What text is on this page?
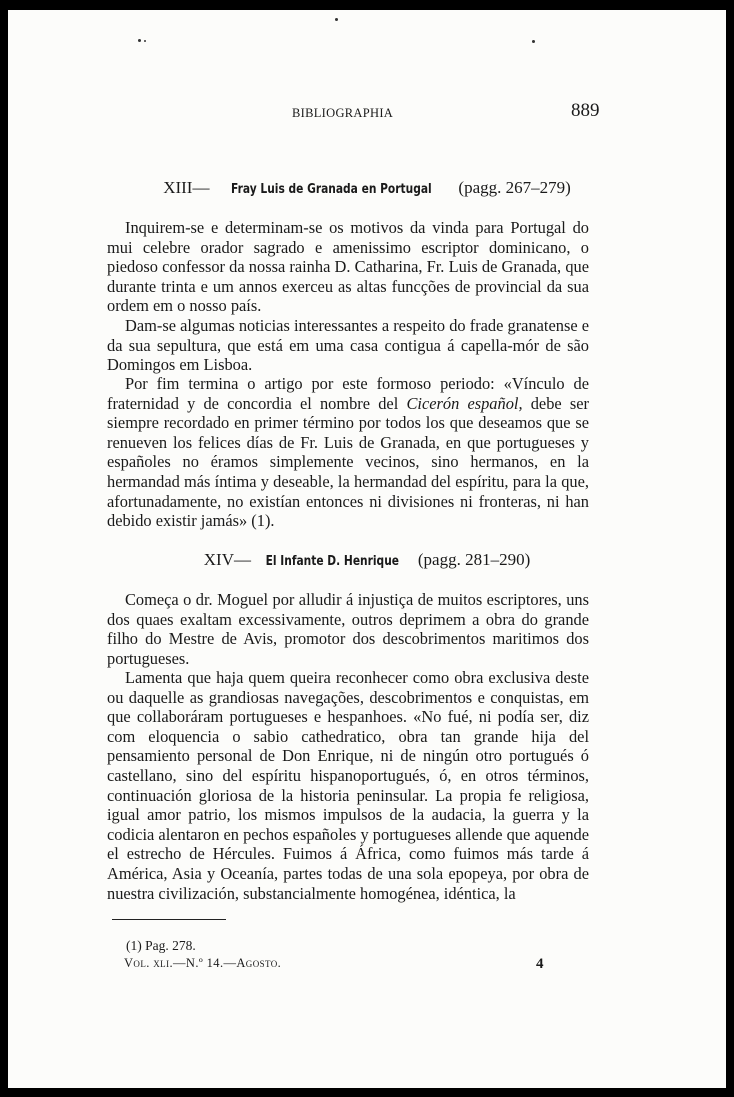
BIBLIOGRAPHIA	889
XIII— Fray Luis de Granada en Portugal (pagg. 267–279)

Inquirem-se e determinam-se os motivos da vinda para Portugal do mui celebre orador sagrado e amenissimo escriptor dominicano, o piedoso confessor da nossa rainha D. Catharina, Fr. Luis de Granada, que durante trinta e um annos exerceu as altas funcções de provincial da sua ordem em o nosso país.

Dam-se algumas noticias interessantes a respeito do frade granatense e da sua sepultura, que está em uma casa contigua á capella-mór de são Domingos em Lisboa.

Por fim termina o artigo por este formoso periodo: «Vínculo de fraternidad y de concordia el nombre del Cicerón español, debe ser siempre recordado en primer término por todos los que deseamos que se renueven los felices días de Fr. Luis de Granada, en que portugueses y españoles no éramos simplemente vecinos, sino hermanos, en la hermandad más íntima y deseable, la hermandad del espíritu, para la que, afortunadamente, no existían entonces ni divisiones ni fronteras, ni han debido existir jamás» (1).

XIV— El Infante D. Henrique (pagg. 281–290)

Começa o dr. Moguel por alludir á injustiça de muitos escriptores, uns dos quaes exaltam excessivamente, outros deprimem a obra do grande filho do Mestre de Avis, promotor dos descobrimentos maritimos dos portugueses.

Lamenta que haja quem queira reconhecer como obra exclusiva deste ou daquelle as grandiosas navegações, descobrimentos e conquistas, em que collaboráram portugueses e hespanhoes. «No fué, ni podía ser, diz com eloquencia o sabio cathedratico, obra tan grande hija del pensamiento personal de Don Enrique, ni de ningún otro portugués ó castellano, sino del espíritu hispanoportugués, ó, en otros términos, continuación gloriosa de la historia peninsular. La propia fe religiosa, igual amor patrio, los mismos impulsos de la audacia, la guerra y la codicia alentaron en pechos españoles y portugueses allende que aquende el estrecho de Hércules. Fuimos á África, como fuimos más tarde á América, Asia y Oceanía, partes todas de una sola epopeya, por obra de nuestra civilización, substancialmente homogénea, idéntica, la

(1) Pag. 278.
Vol. xli.—N.º 14.—Agosto.	4
